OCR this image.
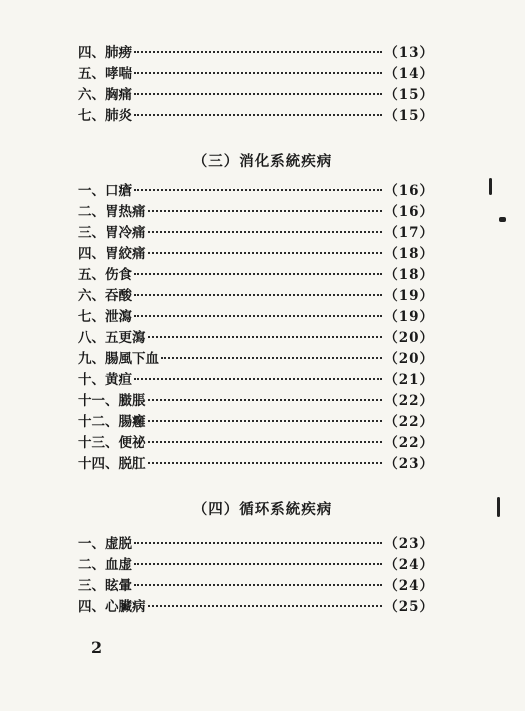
四、 肺痨	（13）
五、 哮喘	（14）
六、 胸痛	（15）
七、 肺炎	（15）
（三）消化系統疾病
一、 口瘡	（16）
二、 胃热痛	（16）
三、 胃冷痛	（17）
四、 胃絞痛	（18）
五、 伤食	（18）
六、 吞酸	（19）
七、 泄瀉	（19）
八、 五更瀉	（20）
九、 腸風下血	（20）
十、 黄疸	（21）
十一、 臌脹	（22）
十二、 腸癰	（22）
十三、 便祕	（22）
十四、 脱肛	（23）
（四）循环系統疾病
一、 虚脱	（23）
二、 血虚	（24）
三、 眩暈	（24）
四、 心臟病	（25）
2
